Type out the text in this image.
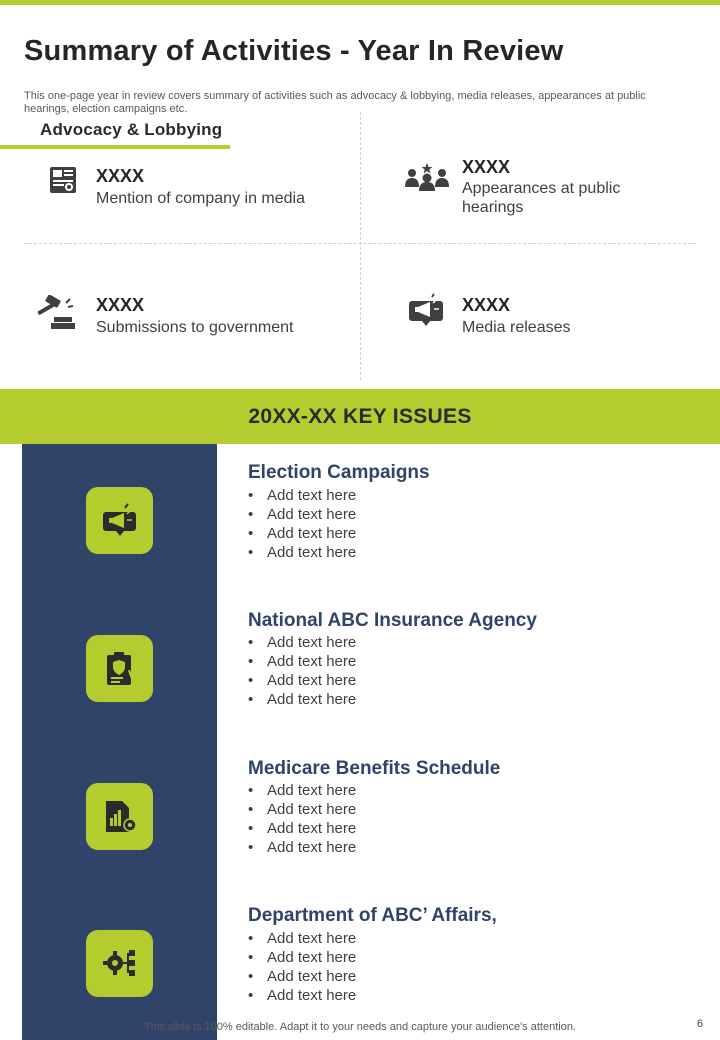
Summary of Activities - Year In Review

This one-page year in review covers summary of activities such as advocacy & lobbying, media releases, appearances at public hearings, election campaigns etc.

Advocacy & Lobbying
XXXX
Mention of company in media
XXXX
Appearances at public hearings
XXXX
Submissions to government
XXXX
Media releases
20XX-XX KEY ISSUES
Election Campaigns
• Add text here
• Add text here
• Add text here
• Add text here
National ABC Insurance Agency
• Add text here
• Add text here
• Add text here
• Add text here
Medicare Benefits Schedule
• Add text here
• Add text here
• Add text here
• Add text here
Department of ABC’ Affairs,
• Add text here
• Add text here
• Add text here
• Add text here
This slide is 100% editable. Adapt it to your needs and capture your audience's attention.	6
